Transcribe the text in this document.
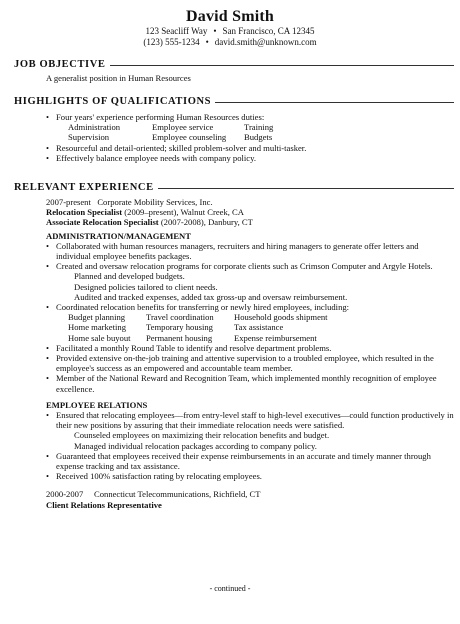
David Smith
123 Seacliff Way • San Francisco, CA 12345
(123) 555-1234 • david.smith@unknown.com
JOB OBJECTIVE
A generalist position in Human Resources
HIGHLIGHTS OF QUALIFICATIONS
• Four years' experience performing Human Resources duties:
Administration	Employee service	Training
Supervision	Employee counseling	Budgets
• Resourceful and detail-oriented; skilled problem-solver and multi-tasker.
• Effectively balance employee needs with company policy.
RELEVANT EXPERIENCE
2007-present Corporate Mobility Services, Inc.
Relocation Specialist (2009–present), Walnut Creek, CA
Associate Relocation Specialist (2007-2008), Danbury, CT
ADMINISTRATION/MANAGEMENT
• Collaborated with human resources managers, recruiters and hiring managers to generate offer letters and individual employee benefits packages.
• Created and oversaw relocation programs for corporate clients such as Crimson Computer and Argyle Hotels.
Planned and developed budgets.
Designed policies tailored to client needs.
Audited and tracked expenses, added tax gross-up and oversaw reimbursement.
• Coordinated relocation benefits for transferring or newly hired employees, including:
Budget planning	Travel coordination	Household goods shipment
Home marketing	Temporary housing	Tax assistance
Home sale buyout	Permanent housing	Expense reimbursement
• Facilitated a monthly Round Table to identify and resolve department problems.
• Provided extensive on-the-job training and attentive supervision to a troubled employee, which resulted in the employee's success as an empowered and accountable team member.
• Member of the National Reward and Recognition Team, which implemented monthly recognition of employee excellence.
EMPLOYEE RELATIONS
• Ensured that relocating employees—from entry-level staff to high-level executives—could function productively in their new positions by assuring that their immediate relocation needs were satisfied.
Counseled employees on maximizing their relocation benefits and budget.
Managed individual relocation packages according to company policy.
• Guaranteed that employees received their expense reimbursements in an accurate and timely manner through expense tracking and tax assistance.
• Received 100% satisfaction rating by relocating employees.
2000-2007 Connecticut Telecommunications, Richfield, CT
Client Relations Representative
- continued -
